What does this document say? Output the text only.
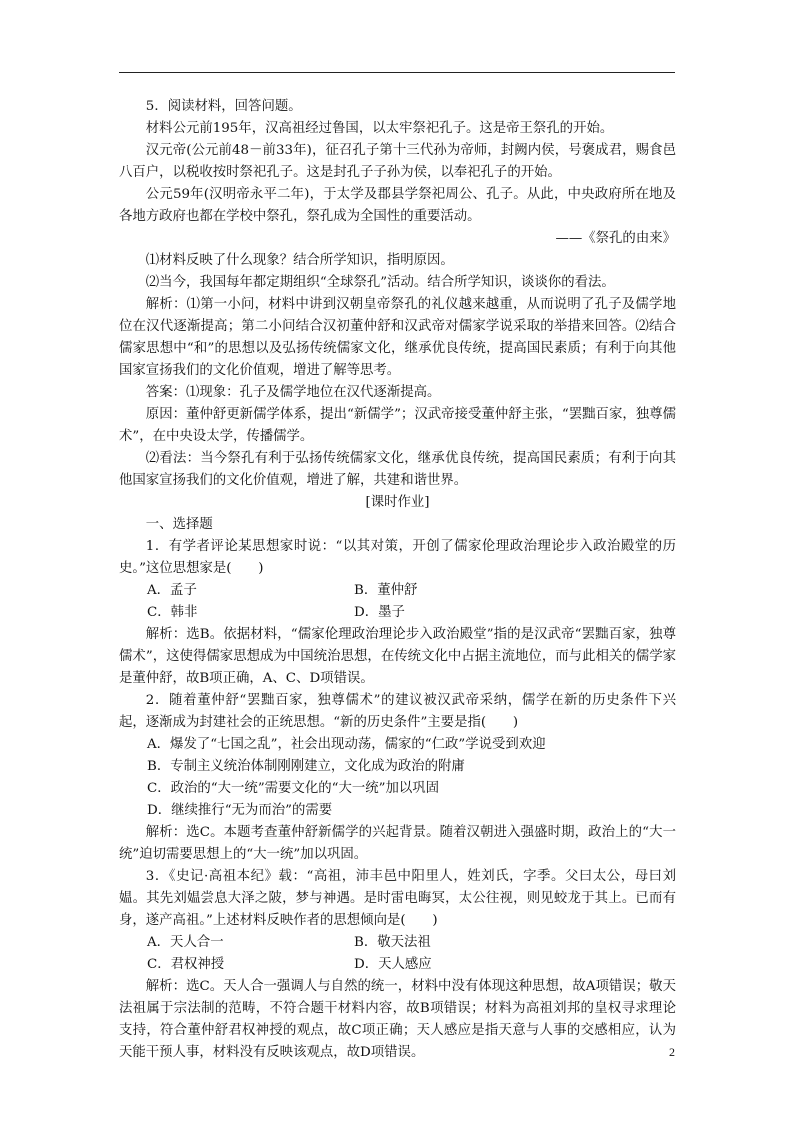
5．阅读材料，回答问题。

材料公元前195年，汉高祖经过鲁国，以太牢祭祀孔子。这是帝王祭孔的开始。

汉元帝(公元前48－前33年)，征召孔子第十三代孙为帝师，封阙内侯，号褒成君，赐食邑八百户，以税收按时祭祀孔子。这是封孔子子孙为侯，以奉祀孔子的开始。

公元59年(汉明帝永平二年)，于太学及郡县学祭祀周公、孔子。从此，中央政府所在地及各地方政府也都在学校中祭孔，祭孔成为全国性的重要活动。

——《祭孔的由来》

⑴材料反映了什么现象？结合所学知识，指明原因。

⑵当今，我国每年都定期组织“全球祭孔”活动。结合所学知识，谈谈你的看法。

解析：⑴第一小问，材料中讲到汉朝皇帝祭孔的礼仪越来越重，从而说明了孔子及儒学地位在汉代逐渐提高；第二小问结合汉初董仲舒和汉武帝对儒家学说采取的举措来回答。⑵结合儒家思想中“和”的思想以及弘扬传统儒家文化，继承优良传统，提高国民素质；有利于向其他国家宣扬我们的文化价值观，增进了解等思考。

答案：⑴现象：孔子及儒学地位在汉代逐渐提高。

原因：董仲舒更新儒学体系，提出“新儒学”；汉武帝接受董仲舒主张，“罢黜百家，独尊儒术”，在中央设太学，传播儒学。

⑵看法：当今祭孔有利于弘扬传统儒家文化，继承优良传统，提高国民素质；有利于向其他国家宣扬我们的文化价值观，增进了解，共建和谐世界。

[课时作业]

一、选择题

1．有学者评论某思想家时说：“以其对策，开创了儒家伦理政治理论步入政治殿堂的历史。”这位思想家是(　　)

A．孟子	B．董仲舒
C．韩非	D．墨子

解析：选B。依据材料，“儒家伦理政治理论步入政治殿堂”指的是汉武帝“罢黜百家，独尊儒术”，这使得儒家思想成为中国统治思想，在传统文化中占据主流地位，而与此相关的儒学家是董仲舒，故B项正确，A、C、D项错误。

2．随着董仲舒“罢黜百家，独尊儒术”的建议被汉武帝采纳，儒学在新的历史条件下兴起，逐渐成为封建社会的正统思想。“新的历史条件”主要是指(　　)

A．爆发了“七国之乱”，社会出现动荡，儒家的“仁政”学说受到欢迎
B．专制主义统治体制刚刚建立，文化成为政治的附庸
C．政治的“大一统”需要文化的“大一统”加以巩固
D．继续推行“无为而治”的需要

解析：选C。本题考查董仲舒新儒学的兴起背景。随着汉朝进入强盛时期，政治上的“大一统”迫切需要思想上的“大一统”加以巩固。

3．《史记·高祖本纪》载：“高祖，沛丰邑中阳里人，姓刘氏，字季。父曰太公，母曰刘媪。其先刘媪尝息大泽之陂，梦与神遇。是时雷电晦冥，太公往视，则见蛟龙于其上。已而有身，遂产高祖。”上述材料反映作者的思想倾向是(　　)

A．天人合一	B．敬天法祖
C．君权神授	D．天人感应

解析：选C。天人合一强调人与自然的统一，材料中没有体现这种思想，故A项错误；敬天法祖属于宗法制的范畴，不符合题干材料内容，故B项错误；材料为高祖刘邦的皇权寻求理论支持，符合董仲舒君权神授的观点，故C项正确；天人感应是指天意与人事的交感相应，认为天能干预人事，材料没有反映该观点，故D项错误。	2
